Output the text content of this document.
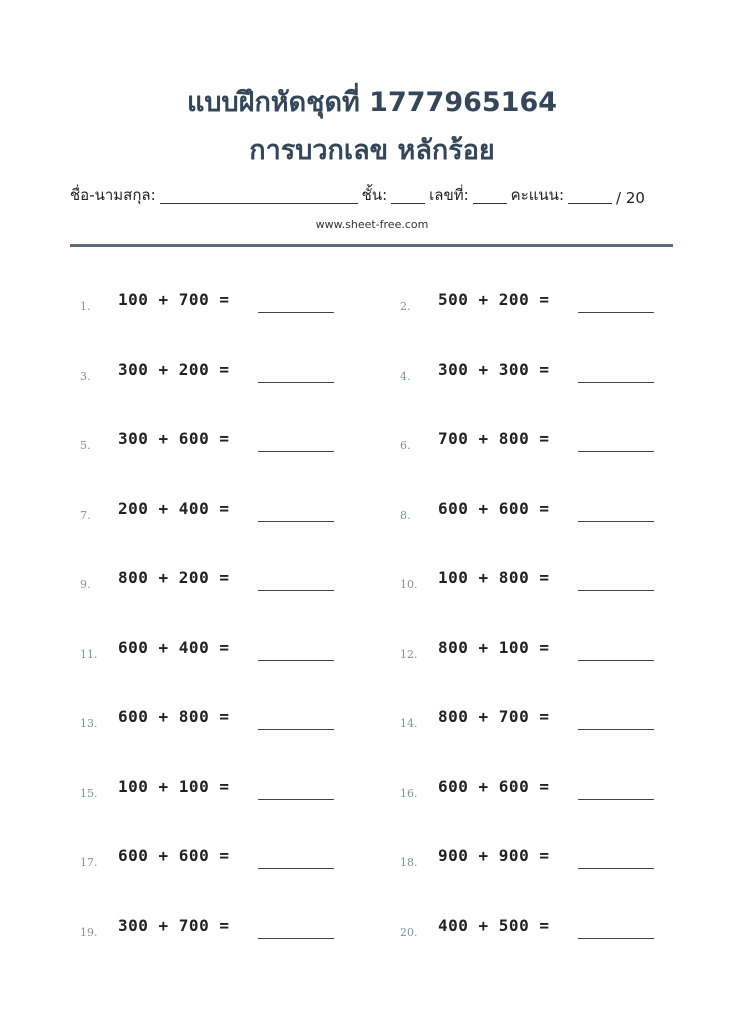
แบบฝึกหัดชุดที่ 1777965164
การบวกเลข หลักร้อย
ชื่อ-นามสกุล:	ชั้น:	เลขที่:	คะแนน:	/ 20
www.sheet-free.com
1. 100 + 700 =	2. 500 + 200 =
3. 300 + 200 =	4. 300 + 300 =
5. 300 + 600 =	6. 700 + 800 =
7. 200 + 400 =	8. 600 + 600 =
9. 800 + 200 =	10. 100 + 800 =
11. 600 + 400 =	12. 800 + 100 =
13. 600 + 800 =	14. 800 + 700 =
15. 100 + 100 =	16. 600 + 600 =
17. 600 + 600 =	18. 900 + 900 =
19. 300 + 700 =	20. 400 + 500 =
